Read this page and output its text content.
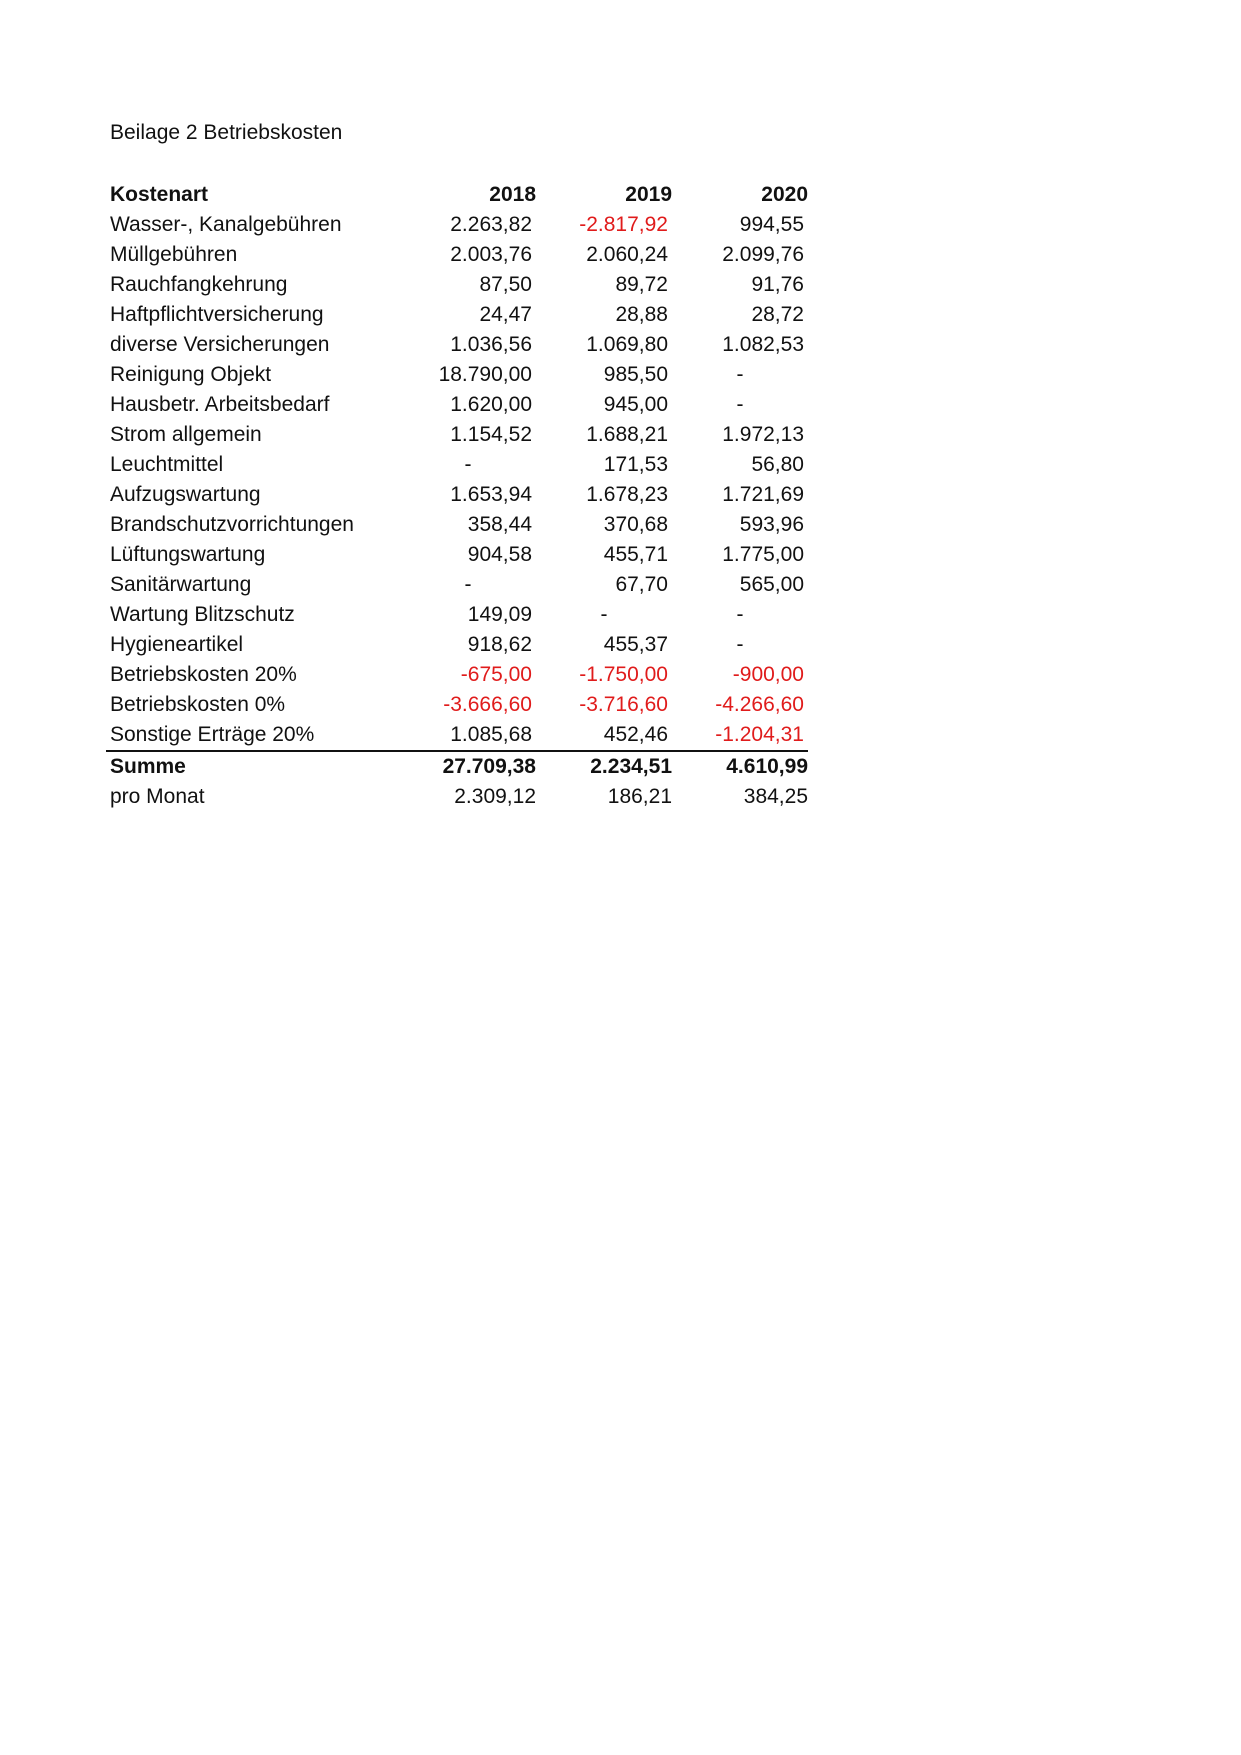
Beilage 2 Betriebskosten
Kostenart	2018	2019	2020
Wasser-, Kanalgebühren	2.263,82	-2.817,92	994,55
Müllgebühren	2.003,76	2.060,24	2.099,76
Rauchfangkehrung	87,50	89,72	91,76
Haftpflichtversicherung	24,47	28,88	28,72
diverse Versicherungen	1.036,56	1.069,80	1.082,53
Reinigung Objekt	18.790,00	985,50	-
Hausbetr. Arbeitsbedarf	1.620,00	945,00	-
Strom allgemein	1.154,52	1.688,21	1.972,13
Leuchtmittel	-	171,53	56,80
Aufzugswartung	1.653,94	1.678,23	1.721,69
Brandschutzvorrichtungen	358,44	370,68	593,96
Lüftungswartung	904,58	455,71	1.775,00
Sanitärwartung	-	67,70	565,00
Wartung Blitzschutz	149,09	-	-
Hygieneartikel	918,62	455,37	-
Betriebskosten 20%	-675,00	-1.750,00	-900,00
Betriebskosten 0%	-3.666,60	-3.716,60	-4.266,60
Sonstige Erträge 20%	1.085,68	452,46	-1.204,31
Summe	27.709,38	2.234,51	4.610,99
pro Monat	2.309,12	186,21	384,25
